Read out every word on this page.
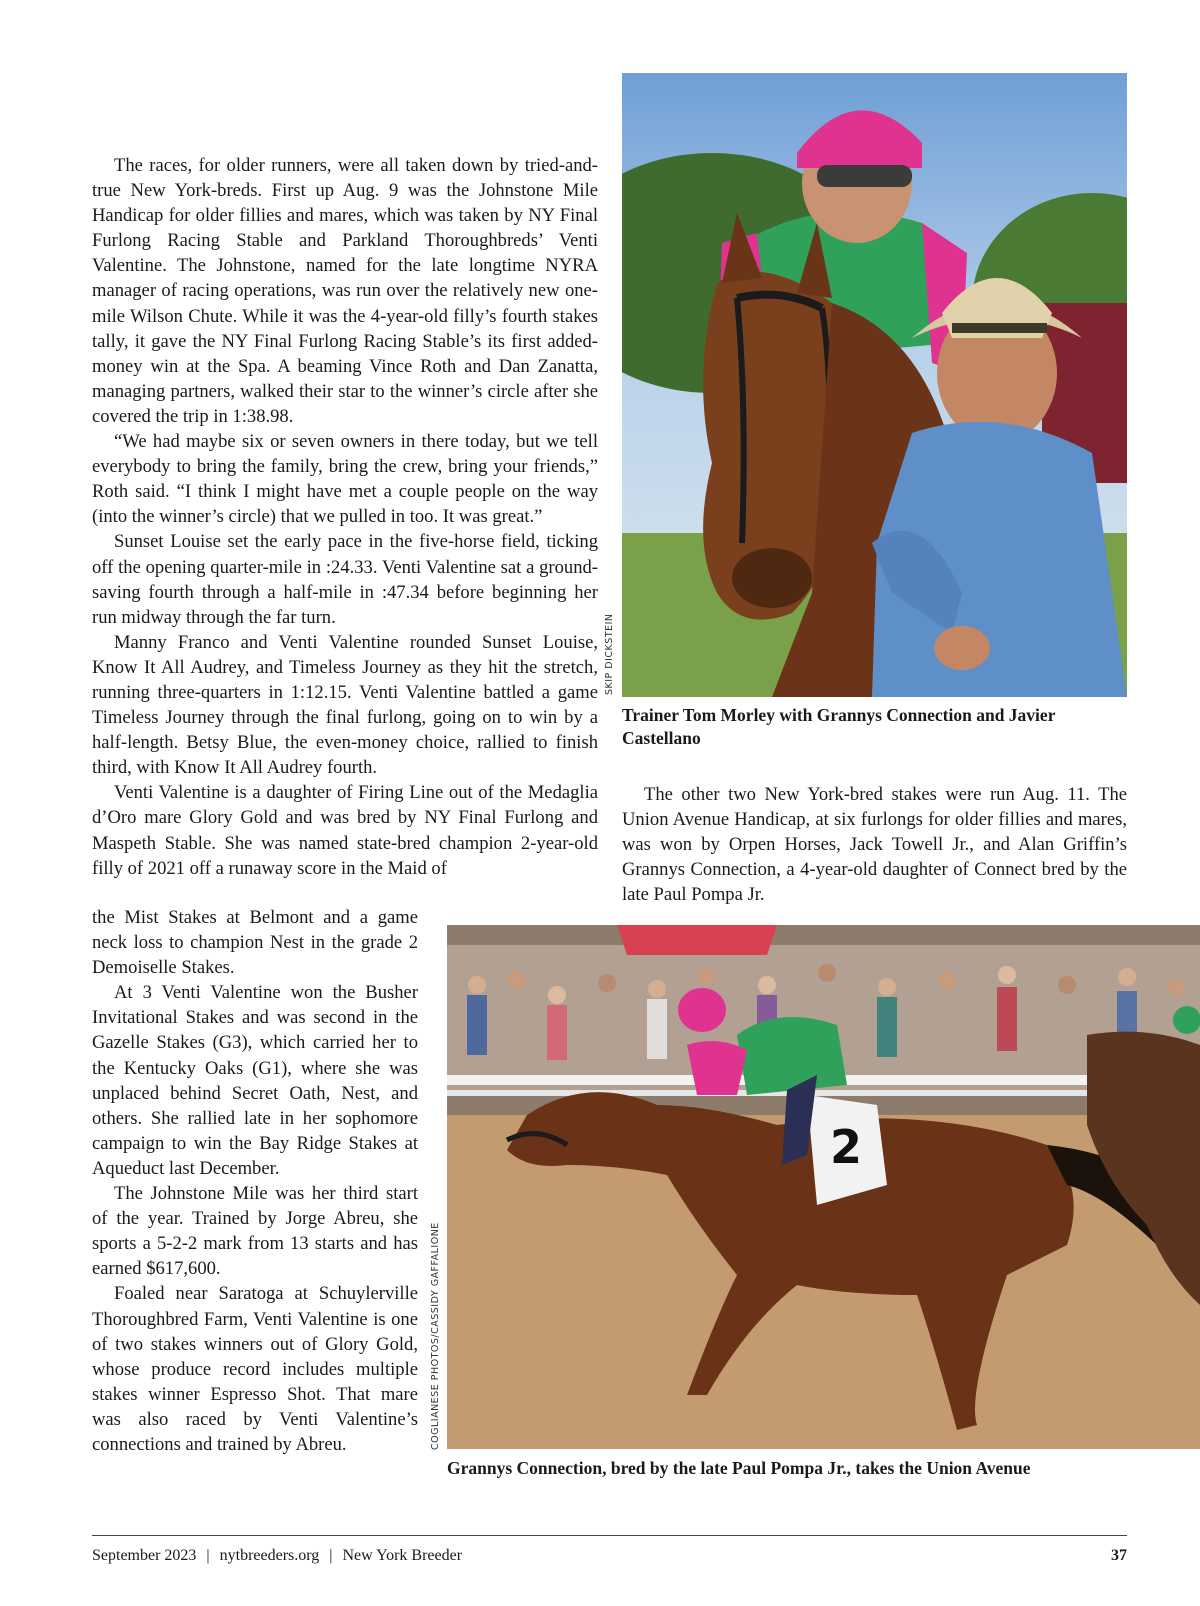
The races, for older runners, were all taken down by tried-and-true New York-breds. First up Aug. 9 was the Johnstone Mile Handicap for older fillies and mares, which was taken by NY Final Furlong Racing Stable and Parkland Thoroughbreds’ Venti Valentine. The Johnstone, named for the late longtime NYRA manager of racing operations, was run over the relatively new one-mile Wilson Chute. While it was the 4-year-old filly’s fourth stakes tally, it gave the NY Final Furlong Racing Stable’s its first added-money win at the Spa. A beaming Vince Roth and Dan Zanatta, managing partners, walked their star to the winner’s circle after she covered the trip in 1:38.98.

“We had maybe six or seven owners in there today, but we tell everybody to bring the family, bring the crew, bring your friends,” Roth said. “I think I might have met a couple people on the way (into the winner’s circle) that we pulled in too. It was great.”

Sunset Louise set the early pace in the five-horse field, ticking off the opening quarter-mile in :24.33. Venti Valentine sat a ground-saving fourth through a half-mile in :47.34 before beginning her run midway through the far turn.

Manny Franco and Venti Valentine rounded Sunset Louise, Know It All Audrey, and Timeless Journey as they hit the stretch, running three-quarters in 1:12.15. Venti Valentine battled a game Timeless Journey through the final furlong, going on to win by a half-length. Betsy Blue, the even-money choice, rallied to finish third, with Know It All Audrey fourth.

Venti Valentine is a daughter of Firing Line out of the Medaglia d’Oro mare Glory Gold and was bred by NY Final Furlong and Maspeth Stable. She was named state-bred champion 2-year-old filly of 2021 off a runaway score in the Maid of

the Mist Stakes at Belmont and a game neck loss to champion Nest in the grade 2 Demoiselle Stakes.

At 3 Venti Valentine won the Busher Invitational Stakes and was second in the Gazelle Stakes (G3), which carried her to the Kentucky Oaks (G1), where she was unplaced behind Secret Oath, Nest, and others. She rallied late in her sophomore campaign to win the Bay Ridge Stakes at Aqueduct last December.

The Johnstone Mile was her third start of the year. Trained by Jorge Abreu, she sports a 5-2-2 mark from 13 starts and has earned $617,600.

Foaled near Saratoga at Schuylerville Thoroughbred Farm, Venti Valentine is one of two stakes winners out of Glory Gold, whose produce record includes multiple stakes winner Espresso Shot. That mare was also raced by Venti Valentine’s connections and trained by Abreu.

The other two New York-bred stakes were run Aug. 11. The Union Avenue Handicap, at six furlongs for older fillies and mares, was won by Orpen Horses, Jack Towell Jr., and Alan Griffin’s Grannys Connection, a 4-year-old daughter of Connect bred by the late Paul Pompa Jr.

SKIP DICKSTEIN
Trainer Tom Morley with Grannys Connection and Javier Castellano
2
COGLIANESE PHOTOS/CASSIDY GAFFALIONE
Grannys Connection, bred by the late Paul Pompa Jr., takes the Union Avenue
September 2023 | nytbreeders.org | New York Breeder	37
